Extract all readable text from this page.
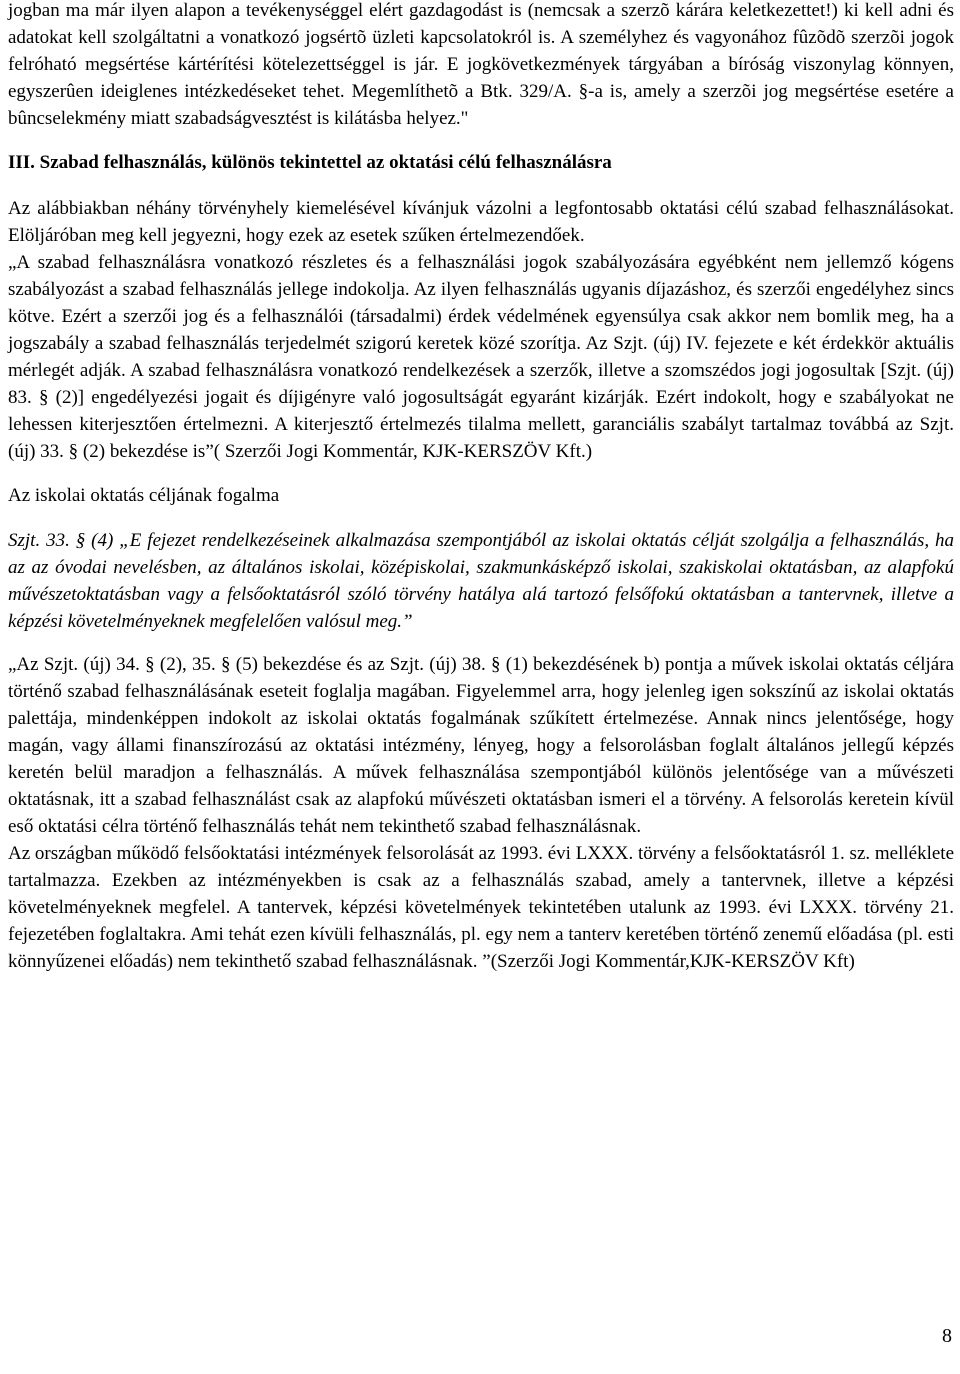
jogban ma már ilyen alapon a tevékenységgel elért gazdagodást is (nemcsak a szerzõ kárára keletkezettet!) ki kell adni és adatokat kell szolgáltatni a vonatkozó jogsértõ üzleti kapcsolatokról is. A személyhez és vagyonához fûzõdõ szerzõi jogok felróható megsértése kártérítési kötelezettséggel is jár. E jogkövetkezmények tárgyában a bíróság viszonylag könnyen, egyszerûen ideiglenes intézkedéseket tehet. Megemlíthetõ a Btk. 329/A. §-a is, amely a szerzõi jog megsértése esetére a bûncselekmény miatt szabadságvesztést is kilátásba helyez."

III. Szabad felhasználás, különös tekintettel az oktatási célú felhasználásra

Az alábbiakban néhány törvényhely kiemelésével kívánjuk vázolni a legfontosabb oktatási célú szabad felhasználásokat. Elöljáróban meg kell jegyezni, hogy ezek az esetek szűken értelmezendőek.

„A szabad felhasználásra vonatkozó részletes és a felhasználási jogok szabályozására egyébként nem jellemző kógens szabályozást a szabad felhasználás jellege indokolja. Az ilyen felhasználás ugyanis díjazáshoz, és szerzői engedélyhez sincs kötve. Ezért a szerzői jog és a felhasználói (társadalmi) érdek védelmének egyensúlya csak akkor nem bomlik meg, ha a jogszabály a szabad felhasználás terjedelmét szigorú keretek közé szorítja. Az Szjt. (új) IV. fejezete e két érdekkör aktuális mérlegét adják. A szabad felhasználásra vonatkozó rendelkezések a szerzők, illetve a szomszédos jogi jogosultak [Szjt. (új) 83. § (2)] engedélyezési jogait és díjigényre való jogosultságát egyaránt kizárják. Ezért indokolt, hogy e szabályokat ne lehessen kiterjesztően értelmezni. A kiterjesztő értelmezés tilalma mellett, garanciális szabályt tartalmaz továbbá az Szjt. (új) 33. § (2) bekezdése is”( Szerzői Jogi Kommentár, KJK-KERSZÖV Kft.)

Az iskolai oktatás céljának fogalma

Szjt. 33. § (4) „E fejezet rendelkezéseinek alkalmazása szempontjából az iskolai oktatás célját szolgálja a felhasználás, ha az az óvodai nevelésben, az általános iskolai, középiskolai, szakmunkásképző iskolai, szakiskolai oktatásban, az alapfokú művészetoktatásban vagy a felsőoktatásról szóló törvény hatálya alá tartozó felsőfokú oktatásban a tantervnek, illetve a képzési követelményeknek megfelelően valósul meg.”

„Az Szjt. (új) 34. § (2), 35. § (5) bekezdése és az Szjt. (új) 38. § (1) bekezdésének b) pontja a művek iskolai oktatás céljára történő szabad felhasználásának eseteit foglalja magában. Figyelemmel arra, hogy jelenleg igen sokszínű az iskolai oktatás palettája, mindenképpen indokolt az iskolai oktatás fogalmának szűkített értelmezése. Annak nincs jelentősége, hogy magán, vagy állami finanszírozású az oktatási intézmény, lényeg, hogy a felsorolásban foglalt általános jellegű képzés keretén belül maradjon a felhasználás. A művek felhasználása szempontjából különös jelentősége van a művészeti oktatásnak, itt a szabad felhasználást csak az alapfokú művészeti oktatásban ismeri el a törvény. A felsorolás keretein kívül eső oktatási célra történő felhasználás tehát nem tekinthető szabad felhasználásnak.

Az országban működő felsőoktatási intézmények felsorolását az 1993. évi LXXX. törvény a felsőoktatásról 1. sz. melléklete tartalmazza. Ezekben az intézményekben is csak az a felhasználás szabad, amely a tantervnek, illetve a képzési követelményeknek megfelel. A tantervek, képzési követelmények tekintetében utalunk az 1993. évi LXXX. törvény 21. fejezetében foglaltakra. Ami tehát ezen kívüli felhasználás, pl. egy nem a tanterv keretében történő zenemű előadása (pl. esti könnyűzenei előadás) nem tekinthető szabad felhasználásnak. ”(Szerzői Jogi Kommentár,KJK-KERSZÖV Kft)

8
